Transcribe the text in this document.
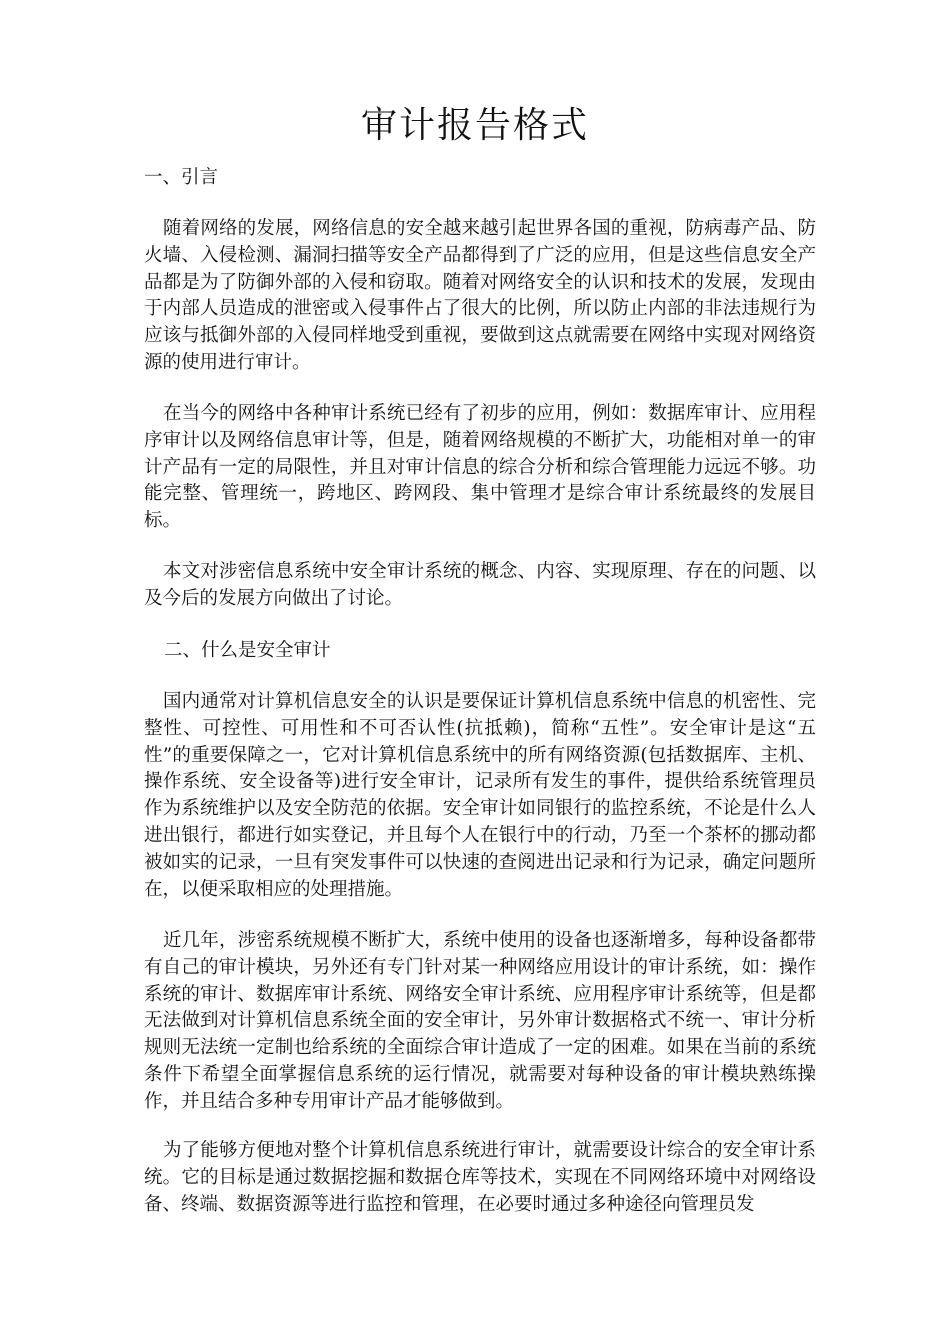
审计报告格式
一、引言

随着网络的发展，网络信息的安全越来越引起世界各国的重视，防病毒产品、防火墙、入侵检测、漏洞扫描等安全产品都得到了广泛的应用，但是这些信息安全产品都是为了防御外部的入侵和窃取。随着对网络安全的认识和技术的发展，发现由于内部人员造成的泄密或入侵事件占了很大的比例，所以防止内部的非法违规行为应该与抵御外部的入侵同样地受到重视，要做到这点就需要在网络中实现对网络资源的使用进行审计。

在当今的网络中各种审计系统已经有了初步的应用，例如：数据库审计、应用程序审计以及网络信息审计等，但是，随着网络规模的不断扩大，功能相对单一的审计产品有一定的局限性，并且对审计信息的综合分析和综合管理能力远远不够。功能完整、管理统一，跨地区、跨网段、集中管理才是综合审计系统最终的发展目标。

本文对涉密信息系统中安全审计系统的概念、内容、实现原理、存在的问题、以及今后的发展方向做出了讨论。

二、什么是安全审计

国内通常对计算机信息安全的认识是要保证计算机信息系统中信息的机密性、完整性、可控性、可用性和不可否认性(抗抵赖)，简称“五性”。安全审计是这“五性”的重要保障之一，它对计算机信息系统中的所有网络资源(包括数据库、主机、操作系统、安全设备等)进行安全审计，记录所有发生的事件，提供给系统管理员作为系统维护以及安全防范的依据。安全审计如同银行的监控系统，不论是什么人进出银行，都进行如实登记，并且每个人在银行中的行动，乃至一个茶杯的挪动都被如实的记录，一旦有突发事件可以快速的查阅进出记录和行为记录，确定问题所在，以便采取相应的处理措施。

近几年，涉密系统规模不断扩大，系统中使用的设备也逐渐增多，每种设备都带有自己的审计模块，另外还有专门针对某一种网络应用设计的审计系统，如：操作系统的审计、数据库审计系统、网络安全审计系统、应用程序审计系统等，但是都无法做到对计算机信息系统全面的安全审计，另外审计数据格式不统一、审计分析规则无法统一定制也给系统的全面综合审计造成了一定的困难。如果在当前的系统条件下希望全面掌握信息系统的运行情况，就需要对每种设备的审计模块熟练操作，并且结合多种专用审计产品才能够做到。

为了能够方便地对整个计算机信息系统进行审计，就需要设计综合的安全审计系统。它的目标是通过数据挖掘和数据仓库等技术，实现在不同网络环境中对网络设备、终端、数据资源等进行监控和管理，在必要时通过多种途径向管理员发
